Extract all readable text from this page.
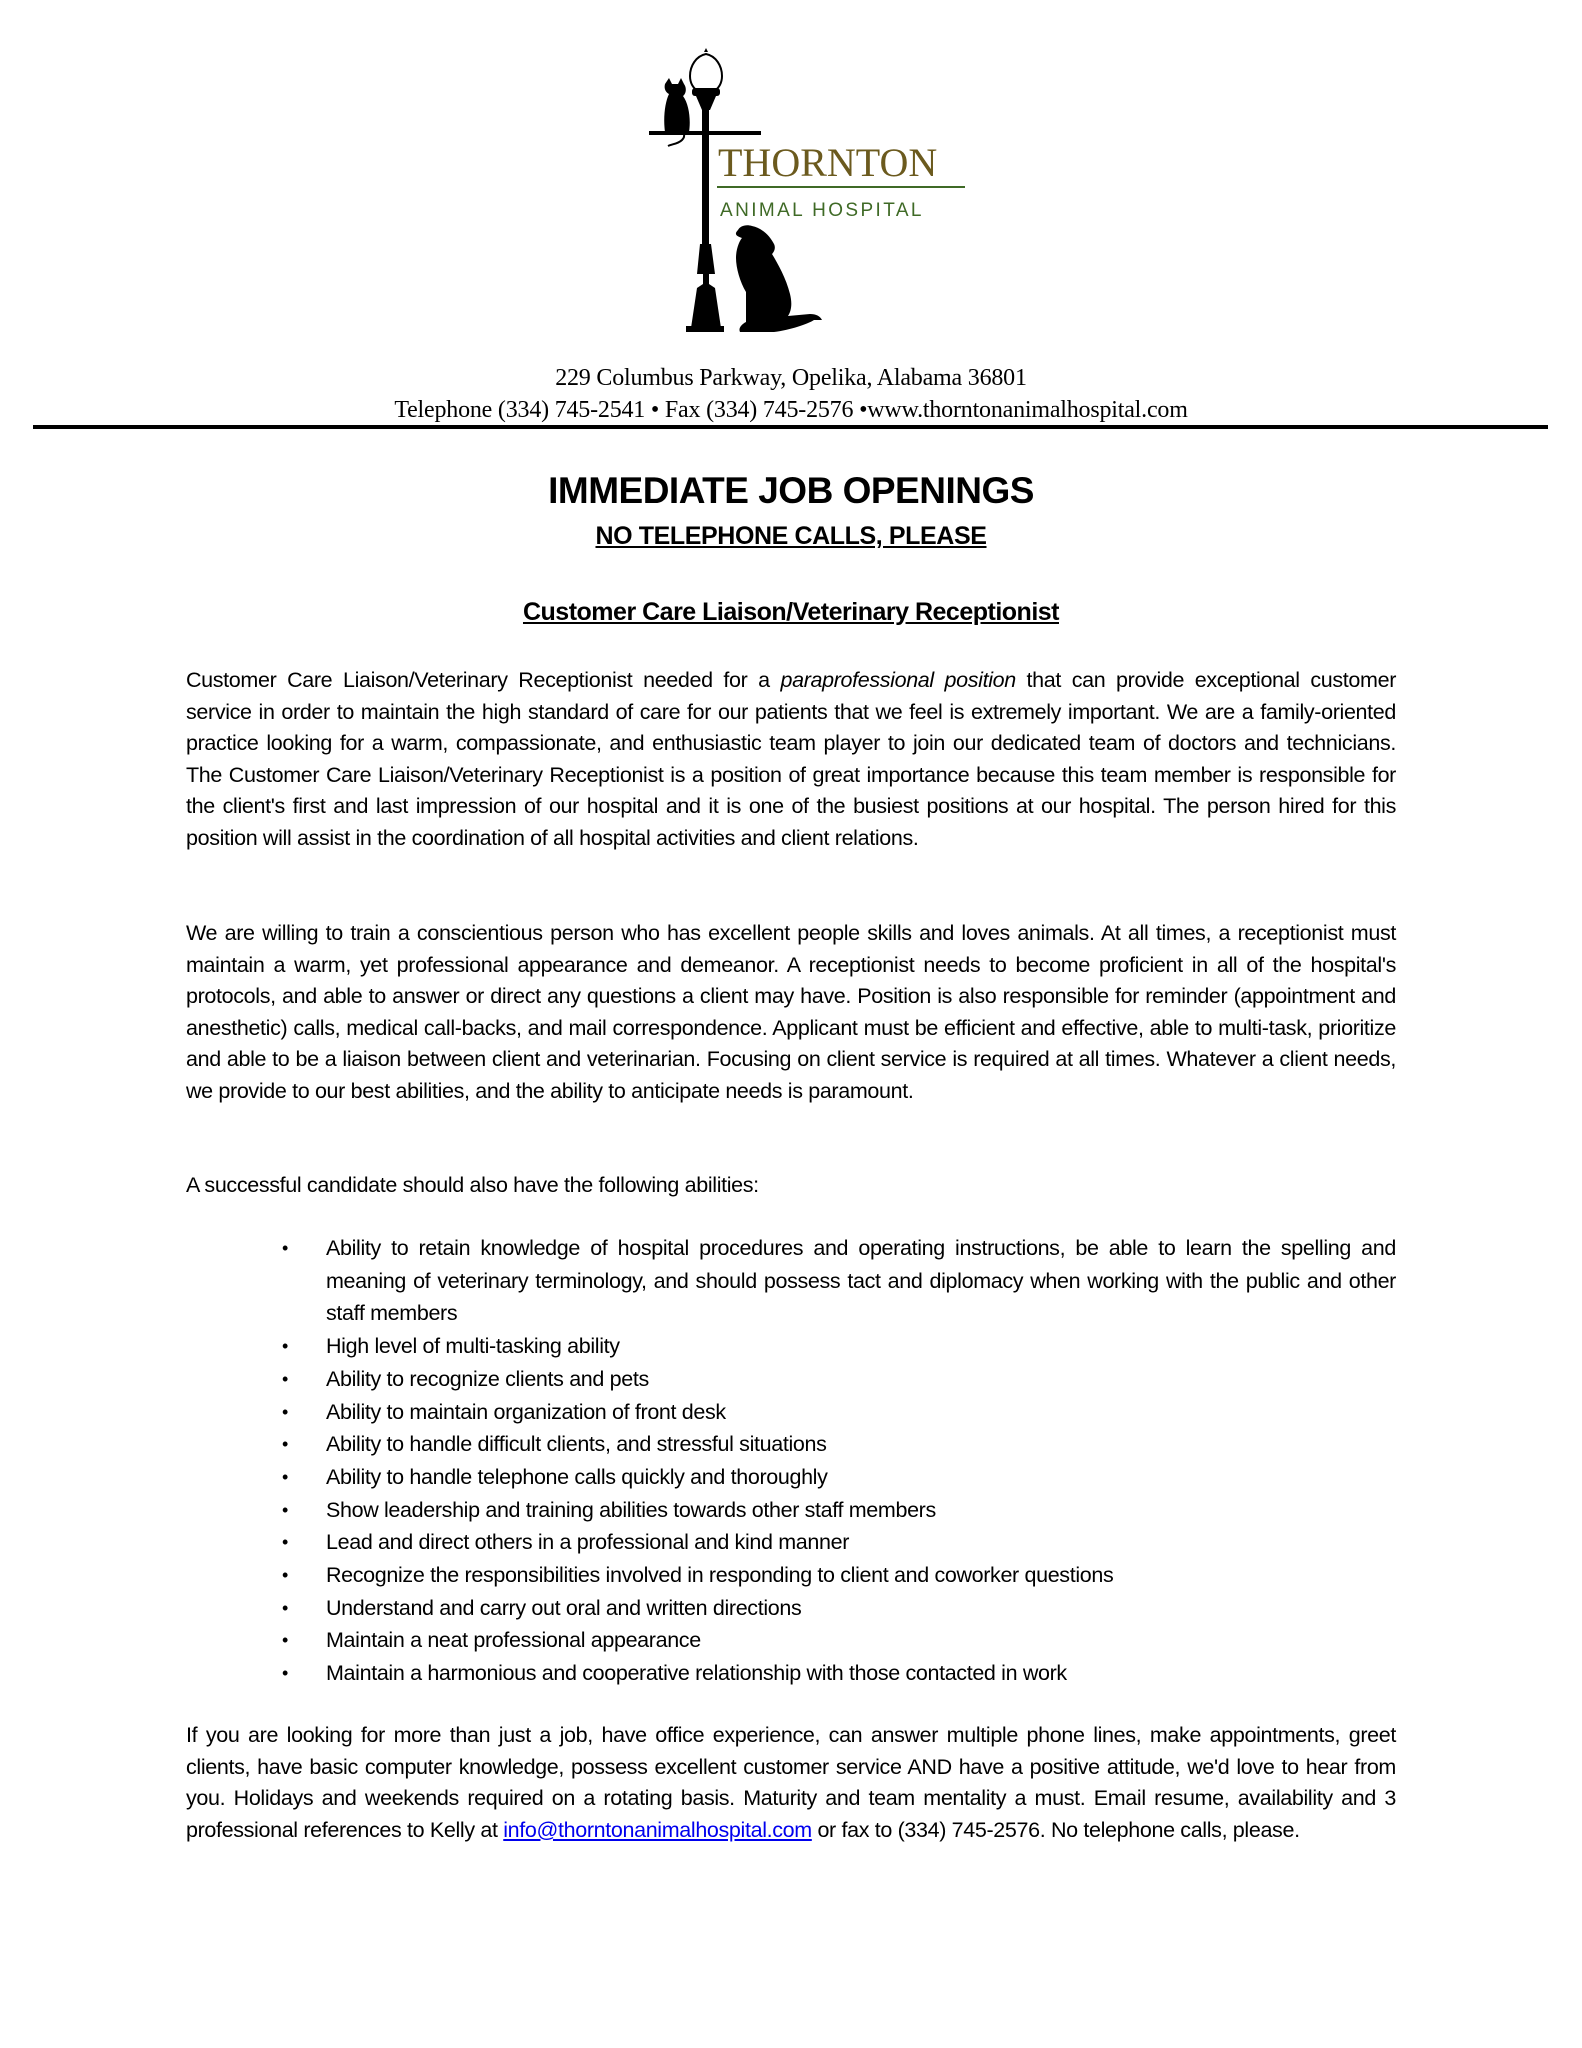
THORNTON
ANIMAL HOSPITAL
229 Columbus Parkway, Opelika, Alabama 36801
Telephone (334) 745-2541 • Fax (334) 745-2576 •www.thorntonanimalhospital.com
IMMEDIATE JOB OPENINGS
NO TELEPHONE CALLS, PLEASE
Customer Care Liaison/Veterinary Receptionist
Customer Care Liaison/Veterinary Receptionist needed for a paraprofessional position that can provide exceptional customer service in order to maintain the high standard of care for our patients that we feel is extremely important. We are a family-oriented practice looking for a warm, compassionate, and enthusiastic team player to join our dedicated team of doctors and technicians. The Customer Care Liaison/Veterinary Receptionist is a position of great importance because this team member is responsible for the client's first and last impression of our hospital and it is one of the busiest positions at our hospital. The person hired for this position will assist in the coordination of all hospital activities and client relations.
We are willing to train a conscientious person who has excellent people skills and loves animals. At all times, a receptionist must maintain a warm, yet professional appearance and demeanor. A receptionist needs to become proficient in all of the hospital's protocols, and able to answer or direct any questions a client may have. Position is also responsible for reminder (appointment and anesthetic) calls, medical call-backs, and mail correspondence. Applicant must be efficient and effective, able to multi-task, prioritize and able to be a liaison between client and veterinarian. Focusing on client service is required at all times. Whatever a client needs, we provide to our best abilities, and the ability to anticipate needs is paramount.
A successful candidate should also have the following abilities:
• Ability to retain knowledge of hospital procedures and operating instructions, be able to learn the spelling and meaning of veterinary terminology, and should possess tact and diplomacy when working with the public and other staff members
• High level of multi-tasking ability
• Ability to recognize clients and pets
• Ability to maintain organization of front desk
• Ability to handle difficult clients, and stressful situations
• Ability to handle telephone calls quickly and thoroughly
• Show leadership and training abilities towards other staff members
• Lead and direct others in a professional and kind manner
• Recognize the responsibilities involved in responding to client and coworker questions
• Understand and carry out oral and written directions
• Maintain a neat professional appearance
• Maintain a harmonious and cooperative relationship with those contacted in work
If you are looking for more than just a job, have office experience, can answer multiple phone lines, make appointments, greet clients, have basic computer knowledge, possess excellent customer service AND have a positive attitude, we'd love to hear from you. Holidays and weekends required on a rotating basis. Maturity and team mentality a must. Email resume, availability and 3 professional references to Kelly at info@thorntonanimalhospital.com or fax to (334) 745-2576. No telephone calls, please.
